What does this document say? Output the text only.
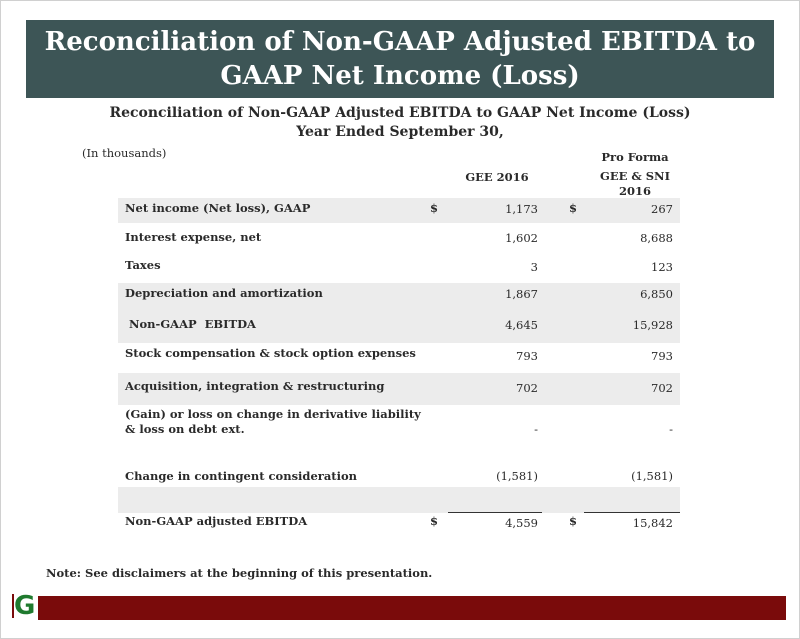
Reconciliation of Non-GAAP Adjusted EBITDA to
GAAP Net Income (Loss)
Reconciliation of Non-GAAP Adjusted EBITDA to GAAP Net Income (Loss)
Year Ended September 30,
(In thousands)
GEE 2016
Pro Forma
GEE & SNI
2016
Net income (Net loss), GAAP	$	1,173	$	267
Interest expense, net	1,602	8,688
Taxes	3	123
Depreciation and amortization	1,867	6,850
Non-GAAP  EBITDA	4,645	15,928
Stock compensation & stock option expenses	793	793
Acquisition, integration & restructuring	702	702
(Gain) or loss on change in derivative liability
& loss on debt ext.	-	-
Change in contingent consideration	(1,581)	(1,581)
Non-GAAP adjusted EBITDA	$	4,559	$	15,842
Note: See disclaimers at the beginning of this presentation.
G
